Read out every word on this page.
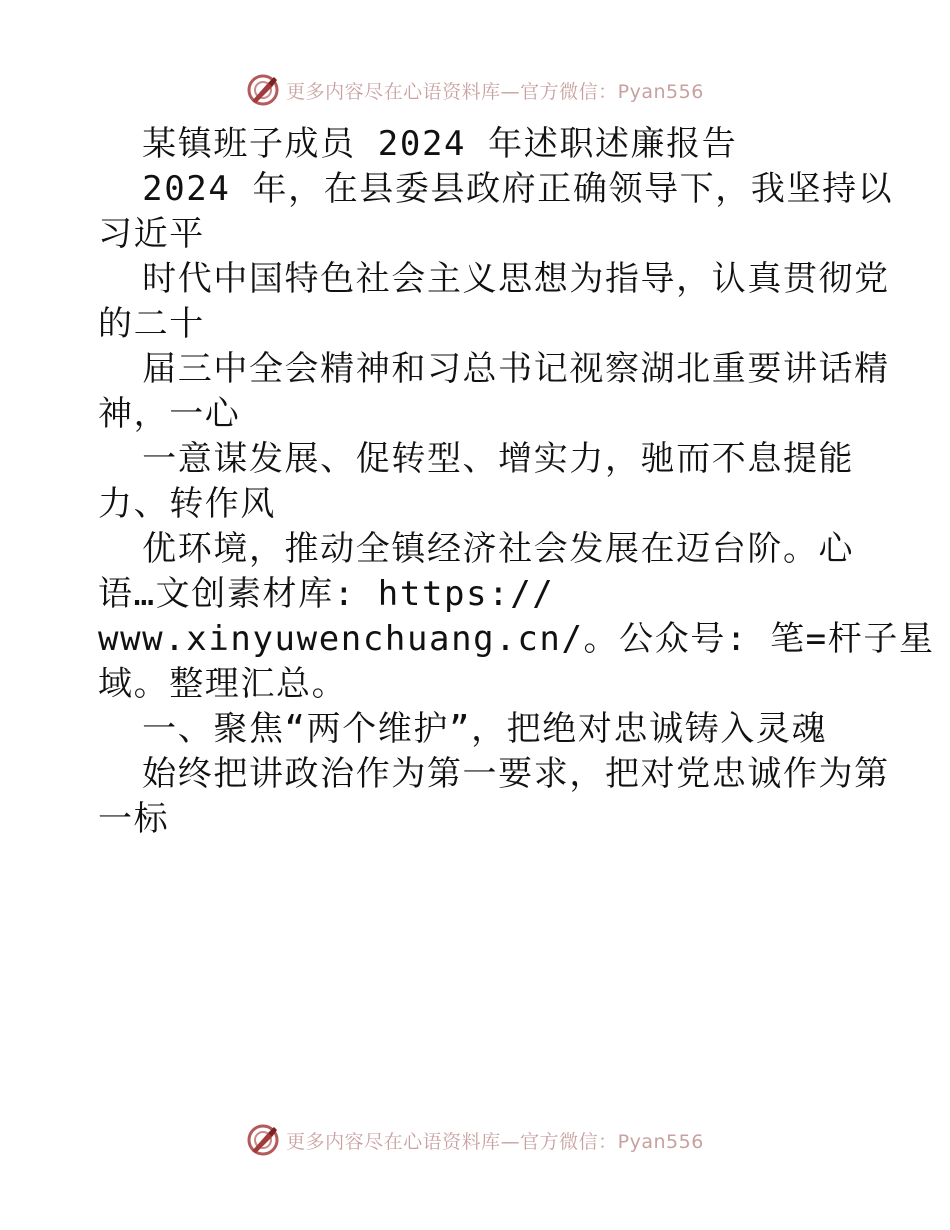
更多内容尽在心语资料库—官方微信：Pyan556
某镇班子成员 2024 年述职述廉报告
2024 年，在县委县政府正确领导下，我坚持以
习近平
时代中国特色社会主义思想为指导，认真贯彻党
的二十
届三中全会精神和习总书记视察湖北重要讲话精
神，一心
一意谋发展、促转型、增实力，驰而不息提能
力、转作风
优环境，推动全镇经济社会发展在迈台阶。心
语…文创素材库: https://
www.xinyuwenchuang.cn/。公众号: 笔=杆子星
域。整理汇总。
一、聚焦“两个维护”，把绝对忠诚铸入灵魂
始终把讲政治作为第一要求，把对党忠诚作为第
一标
更多内容尽在心语资料库—官方微信：Pyan556
